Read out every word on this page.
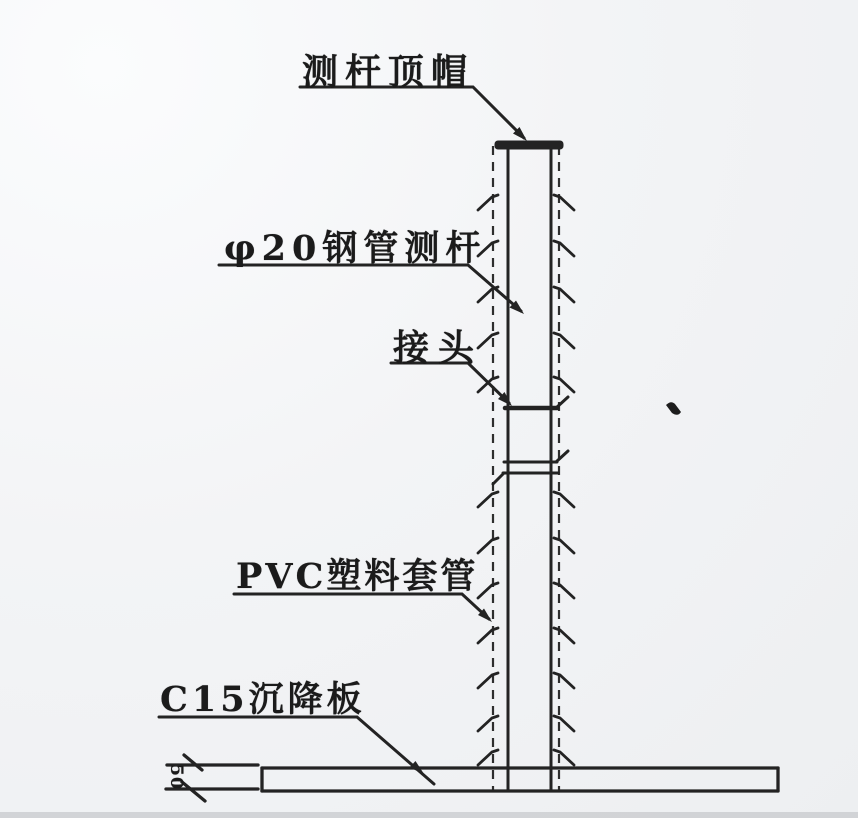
测杆顶帽
φ20钢管测杆
接头
PVC塑料套管
C15沉降板
50
